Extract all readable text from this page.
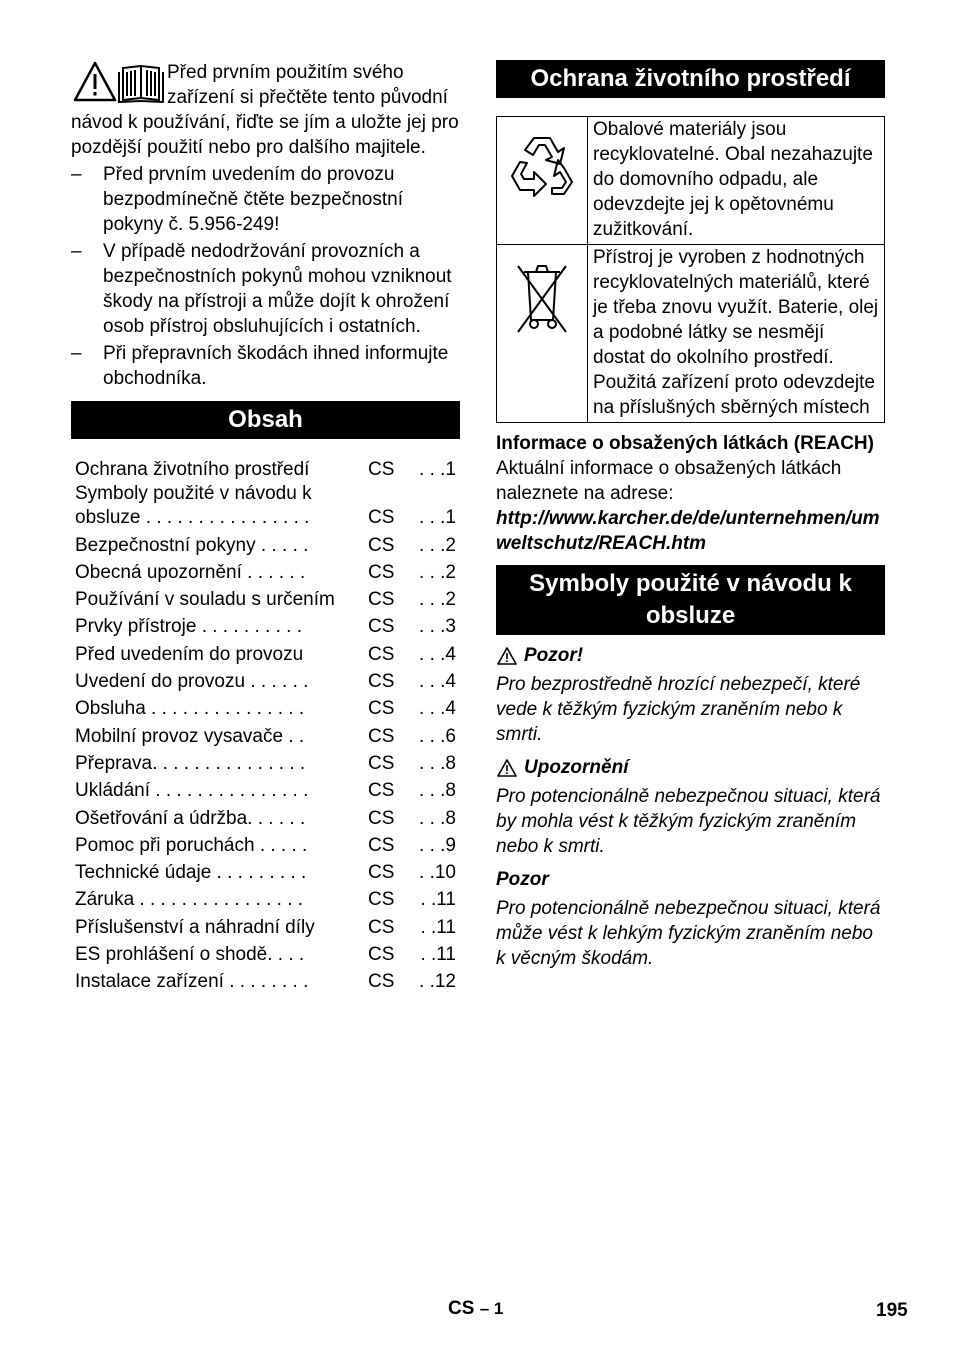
Před prvním použitím svého zařízení si přečtěte tento původní návod k používání, řiďte se jím a uložte jej pro pozdější použití nebo pro dalšího majitele.

– Před prvním uvedením do provozu bezpodmínečně čtěte bezpečnostní pokyny č. 5.956-249!
– V případě nedodržování provozních a bezpečnostních pokynů mohou vzniknout škody na přístroji a může dojít k ohrožení osob přístroj obsluhujících i ostatních.
– Při přepravních škodách ihned informujte obchodníka.
Obsah
Ochrana životního prostředí	CS	. . .1
Symboly použité v návodu k obsluze . . . . . . . . . . . . . . . .	CS	. . .1
Bezpečnostní pokyny . . . . .	CS	. . .2
Obecná upozornění . . . . . .	CS	. . .2
Používání v souladu s určením	CS	. . .2
Prvky přístroje . . . . . . . . . .	CS	. . .3
Před uvedením do provozu	CS	. . .4
Uvedení do provozu . . . . . .	CS	. . .4
Obsluha . . . . . . . . . . . . . . .	CS	. . .4
Mobilní provoz vysavače . .	CS	. . .6
Přeprava. . . . . . . . . . . . . . .	CS	. . .8
Ukládání . . . . . . . . . . . . . . .	CS	. . .8
Ošetřování a údržba. . . . . .	CS	. . .8
Pomoc při poruchách . . . . .	CS	. . .9
Technické údaje . . . . . . . . .	CS	. .10
Záruka . . . . . . . . . . . . . . . .	CS	. .11
Příslušenství a náhradní díly	CS	. .11
ES prohlášení o shodě. . . .	CS	. .11
Instalace zařízení . . . . . . . .	CS	. .12
Ochrana životního prostředí
	Obalové materiály jsou recyklovatelné. Obal nezahazujte do domovního odpadu, ale odevzdejte jej k opětovnému zužitkování.
	Přístroj je vyroben z hodnotných recyklovatelných materiálů, které je třeba znovu využít. Baterie, olej a podobné látky se nesmějí dostat do okolního prostředí. Použitá zařízení proto odevzdejte na příslušných sběrných místech

Informace o obsažených látkách (REACH)

Aktuální informace o obsažených látkách naleznete na adrese:

http://www.karcher.de/de/unternehmen/umweltschutz/REACH.htm

Symboly použité v návodu k obsluze
Pozor!

Pro bezprostředně hrozící nebezpečí, které vede k těžkým fyzickým zraněním nebo k smrti.

Upozornění

Pro potencionálně nebezpečnou situaci, která by mohla vést k těžkým fyzickým zraněním nebo k smrti.

Pozor

Pro potencionálně nebezpečnou situaci, která může vést k lehkým fyzickým zraněním nebo k věcným škodám.

CS – 1	195
